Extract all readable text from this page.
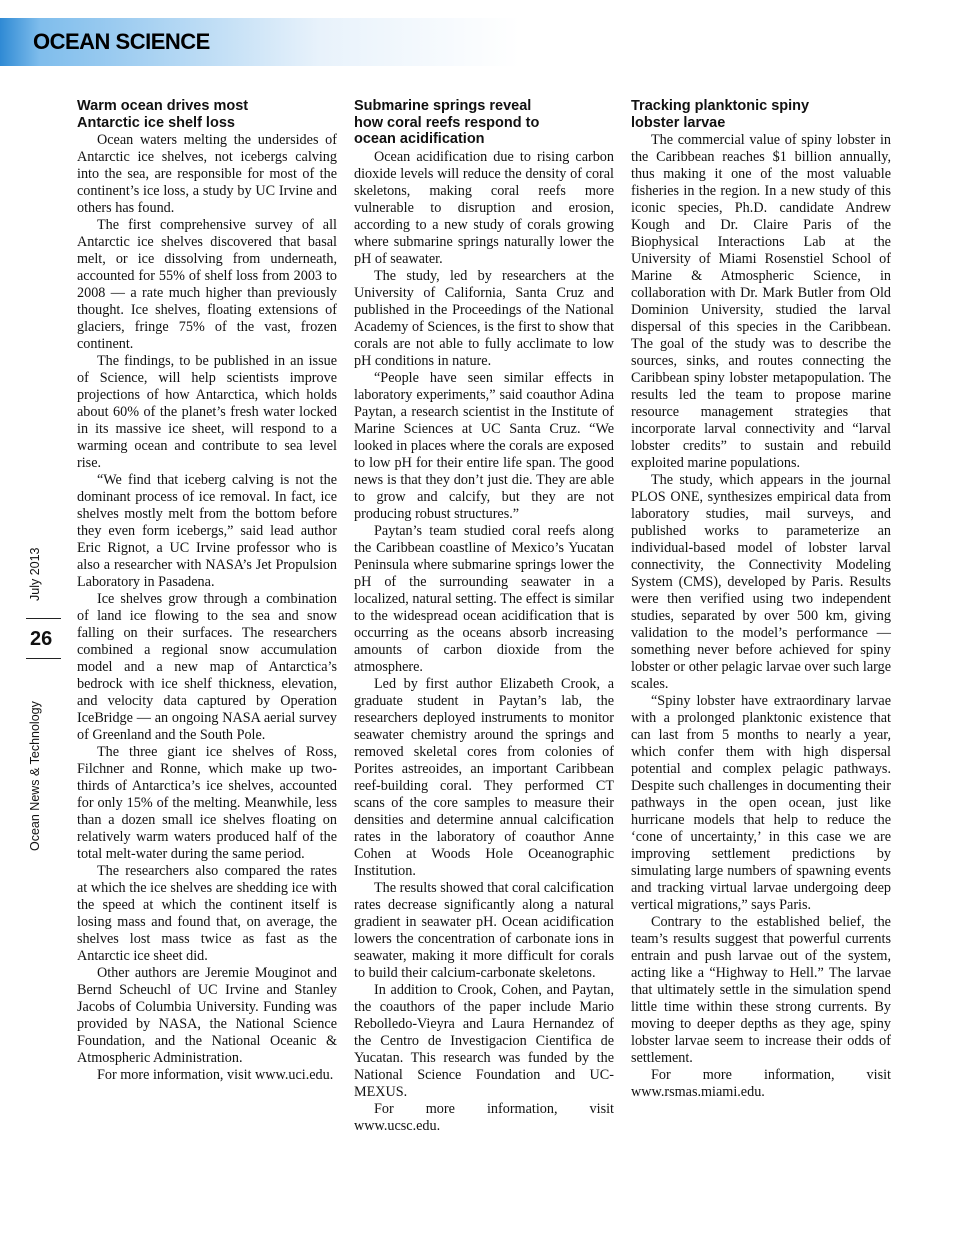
OCEAN SCIENCE
July 2013
Ocean News & Technology
26
Warm ocean drives most
Antarctic ice shelf loss

Ocean waters melting the undersides of Antarctic ice shelves, not icebergs calving into the sea, are responsible for most of the continent’s ice loss, a study by UC Irvine and others has found.

The first comprehensive survey of all Antarctic ice shelves discovered that basal melt, or ice dissolving from underneath, accounted for 55% of shelf loss from 2003 to 2008 — a rate much higher than previously thought. Ice shelves, floating extensions of glaciers, fringe 75% of the vast, frozen continent.

The findings, to be published in an issue of Science, will help scientists improve projections of how Antarctica, which holds about 60% of the planet’s fresh water locked in its massive ice sheet, will respond to a warming ocean and contribute to sea level rise.

“We find that iceberg calving is not the dominant process of ice removal. In fact, ice shelves mostly melt from the bottom before they even form icebergs,” said lead author Eric Rignot, a UC Irvine professor who is also a researcher with NASA’s Jet Propulsion Laboratory in Pasadena.

Ice shelves grow through a combination of land ice flowing to the sea and snow falling on their surfaces. The researchers combined a regional snow accumulation model and a new map of Antarctica’s bedrock with ice shelf thickness, elevation, and velocity data captured by Operation IceBridge — an ongoing NASA aerial survey of Greenland and the South Pole.

The three giant ice shelves of Ross, Filchner and Ronne, which make up two-thirds of Antarctica’s ice shelves, accounted for only 15% of the melting. Meanwhile, less than a dozen small ice shelves floating on relatively warm waters produced half of the total melt-water during the same period.

The researchers also compared the rates at which the ice shelves are shedding ice with the speed at which the continent itself is losing mass and found that, on average, the shelves lost mass twice as fast as the Antarctic ice sheet did.

Other authors are Jeremie Mouginot and Bernd Scheuchl of UC Irvine and Stanley Jacobs of Columbia University. Funding was provided by NASA, the National Science Foundation, and the National Oceanic & Atmospheric Administration.

For more information, visit www.uci.edu.

Submarine springs reveal
how coral reefs respond to
ocean acidification

Ocean acidification due to rising carbon dioxide levels will reduce the density of coral skeletons, making coral reefs more vulnerable to disruption and erosion, according to a new study of corals growing where submarine springs naturally lower the pH of seawater.

The study, led by researchers at the University of California, Santa Cruz and published in the Proceedings of the National Academy of Sciences, is the first to show that corals are not able to fully acclimate to low pH conditions in nature.

“People have seen similar effects in laboratory experiments,” said coauthor Adina Paytan, a research scientist in the Institute of Marine Sciences at UC Santa Cruz. “We looked in places where the corals are exposed to low pH for their entire life span. The good news is that they don’t just die. They are able to grow and calcify, but they are not producing robust structures.”

Paytan’s team studied coral reefs along the Caribbean coastline of Mexico’s Yucatan Peninsula where submarine springs lower the pH of the surrounding seawater in a localized, natural setting. The effect is similar to the widespread ocean acidification that is occurring as the oceans absorb increasing amounts of carbon dioxide from the atmosphere.

Led by first author Elizabeth Crook, a graduate student in Paytan’s lab, the researchers deployed instruments to monitor seawater chemistry around the springs and removed skeletal cores from colonies of Porites astreoides, an important Caribbean reef-building coral. They performed CT scans of the core samples to measure their densities and determine annual calcification rates in the laboratory of coauthor Anne Cohen at Woods Hole Oceanographic Institution.

The results showed that coral calcification rates decrease significantly along a natural gradient in seawater pH. Ocean acidification lowers the concentration of carbonate ions in seawater, making it more difficult for corals to build their calcium-carbonate skeletons.

In addition to Crook, Cohen, and Paytan, the coauthors of the paper include Mario Rebolledo-Vieyra and Laura Hernandez of the Centro de Investigacion Cientifica de Yucatan. This research was funded by the National Science Foundation and UC-MEXUS.

For more information, visit www.ucsc.edu.

Tracking planktonic spiny
lobster larvae

The commercial value of spiny lobster in the Caribbean reaches $1 billion annually, thus making it one of the most valuable fisheries in the region. In a new study of this iconic species, Ph.D. candidate Andrew Kough and Dr. Claire Paris of the Biophysical Interactions Lab at the University of Miami Rosenstiel School of Marine & Atmospheric Science, in collaboration with Dr. Mark Butler from Old Dominion University, studied the larval dispersal of this species in the Caribbean. The goal of the study was to describe the sources, sinks, and routes connecting the Caribbean spiny lobster metapopulation. The results led the team to propose marine resource management strategies that incorporate larval connectivity and “larval lobster credits” to sustain and rebuild exploited marine populations.

The study, which appears in the journal PLOS ONE, synthesizes empirical data from laboratory studies, mail surveys, and published works to parameterize an individual-based model of lobster larval connectivity, the Connectivity Modeling System (CMS), developed by Paris. Results were then verified using two independent studies, separated by over 500 km, giving validation to the model’s performance — something never before achieved for spiny lobster or other pelagic larvae over such large scales.

“Spiny lobster have extraordinary larvae with a prolonged planktonic existence that can last from 5 months to nearly a year, which confer them with high dispersal potential and complex pelagic pathways. Despite such challenges in documenting their pathways in the open ocean, just like hurricane models that help to reduce the ‘cone of uncertainty,’ in this case we are improving settlement predictions by simulating large numbers of spawning events and tracking virtual larvae undergoing deep vertical migrations,” says Paris.

Contrary to the established belief, the team’s results suggest that powerful currents entrain and push larvae out of the system, acting like a “Highway to Hell.” The larvae that ultimately settle in the simulation spend little time within these strong currents. By moving to deeper depths as they age, spiny lobster larvae seem to increase their odds of settlement.

For more information, visit www.rsmas.miami.edu.
